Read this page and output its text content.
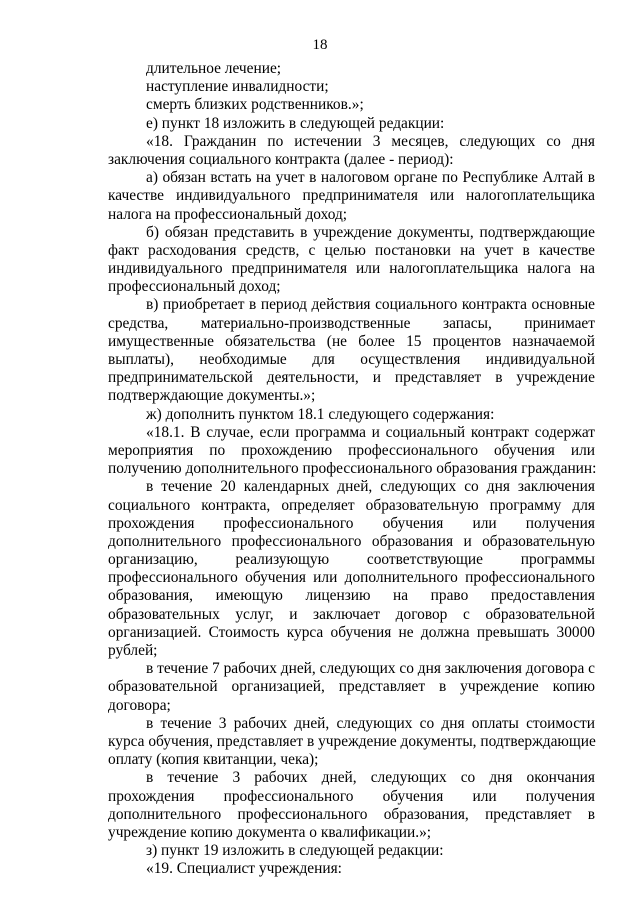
18

длительное лечение;

наступление инвалидности;

смерть близких родственников.»;

е) пункт 18 изложить в следующей редакции:

«18. Гражданин по истечении 3 месяцев, следующих со дня
заключения социального контракта (далее - период):

а) обязан встать на учет в налоговом органе по Республике Алтай в
качестве индивидуального предпринимателя или налогоплательщика
налога на профессиональный доход;

б) обязан представить в учреждение документы, подтверждающие
факт расходования средств, с целью постановки на учет в качестве
индивидуального предпринимателя или налогоплательщика налога на
профессиональный доход;

в) приобретает в период действия социального контракта основные
средства, материально-производственные запасы, принимает
имущественные обязательства (не более 15 процентов назначаемой
выплаты), необходимые для осуществления индивидуальной
предпринимательской деятельности, и представляет в учреждение
подтверждающие документы.»;

ж) дополнить пунктом 18.1 следующего содержания:

«18.1. В случае, если программа и социальный контракт содержат
мероприятия по прохождению профессионального обучения или
получению дополнительного профессионального образования гражданин:

в течение 20 календарных дней, следующих со дня заключения
социального контракта, определяет образовательную программу для
прохождения профессионального обучения или получения
дополнительного профессионального образования и образовательную
организацию, реализующую соответствующие программы
профессионального обучения или дополнительного профессионального
образования, имеющую лицензию на право предоставления
образовательных услуг, и заключает договор с образовательной
организацией. Стоимость курса обучения не должна превышать 30000
рублей;

в течение 7 рабочих дней, следующих со дня заключения договора с
образовательной организацией, представляет в учреждение копию
договора;

в течение 3 рабочих дней, следующих со дня оплаты стоимости
курса обучения, представляет в учреждение документы, подтверждающие
оплату (копия квитанции, чека);

в течение 3 рабочих дней, следующих со дня окончания
прохождения профессионального обучения или получения
дополнительного профессионального образования, представляет в
учреждение копию документа о квалификации.»;

з) пункт 19 изложить в следующей редакции:

«19. Специалист учреждения:
